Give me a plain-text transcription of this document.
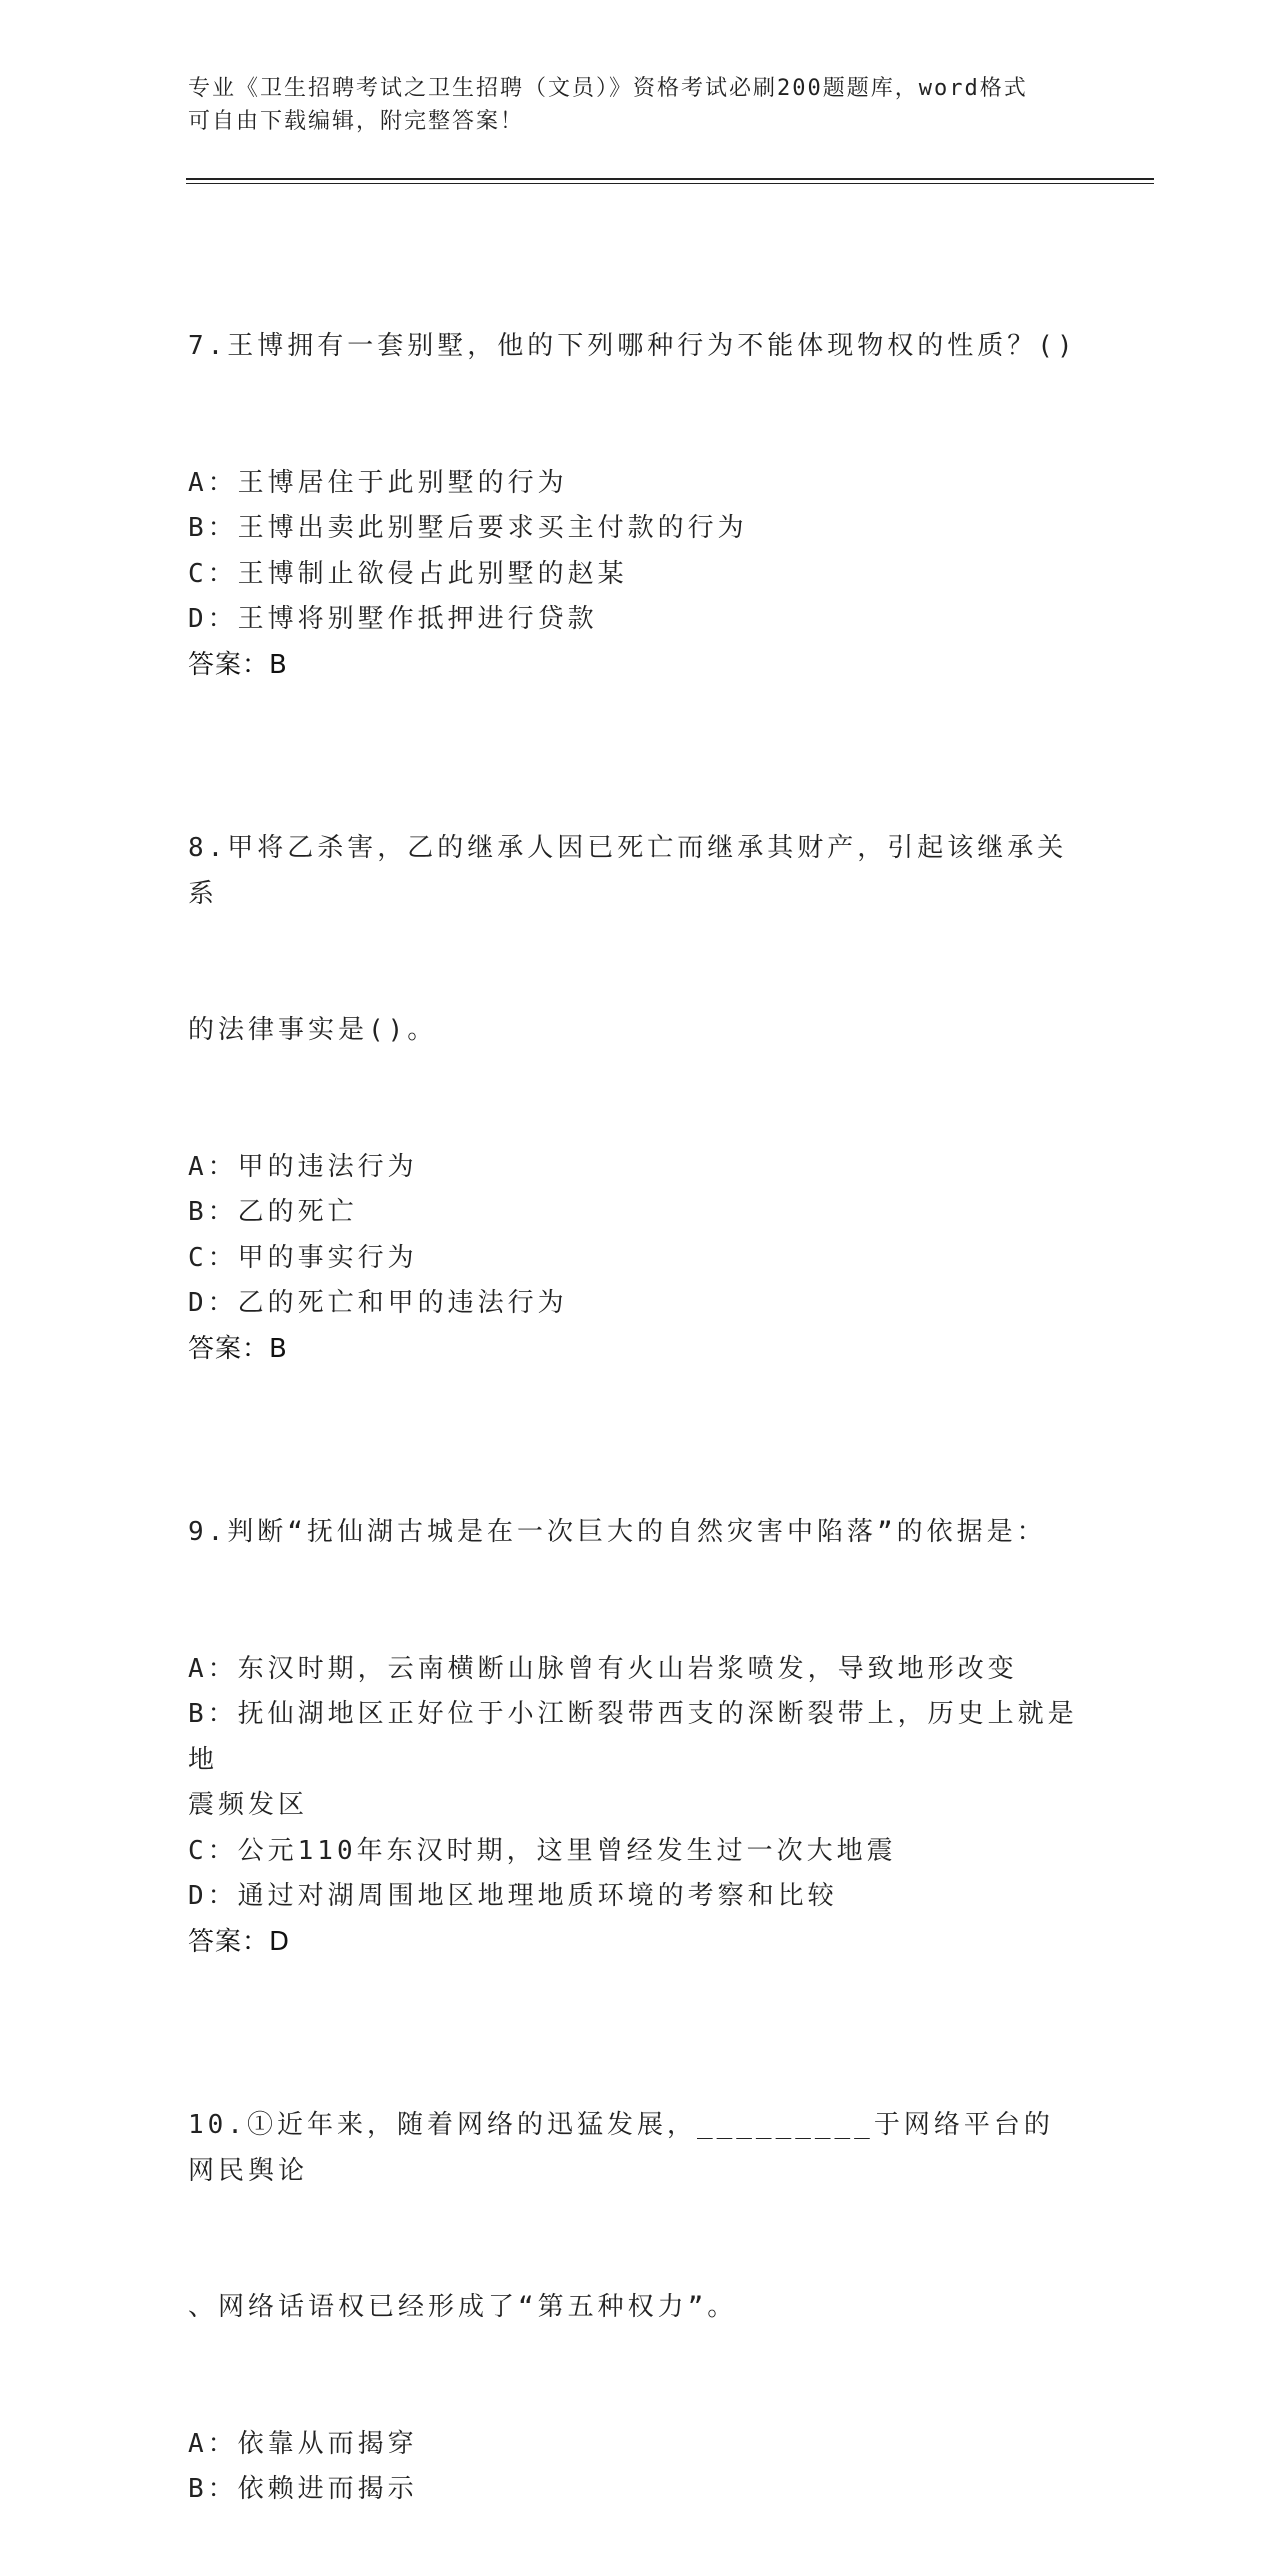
专业《卫生招聘考试之卫生招聘（文员）》资格考试必刷200题题库，word格式
可自由下载编辑，附完整答案！

7.王博拥有一套别墅，他的下列哪种行为不能体现物权的性质？()

A：王博居住于此别墅的行为
B：王博出卖此别墅后要求买主付款的行为
C：王博制止欲侵占此别墅的赵某
D：王博将别墅作抵押进行贷款
答案：B

8.甲将乙杀害，乙的继承人因已死亡而继承其财产，引起该继承关系

的法律事实是()。

A：甲的违法行为
B：乙的死亡
C：甲的事实行为
D：乙的死亡和甲的违法行为
答案：B

9.判断“抚仙湖古城是在一次巨大的自然灾害中陷落”的依据是：

A：东汉时期，云南横断山脉曾有火山岩浆喷发，导致地形改变
B：抚仙湖地区正好位于小江断裂带西支的深断裂带上，历史上就是地
震频发区
C：公元110年东汉时期，这里曾经发生过一次大地震
D：通过对湖周围地区地理地质环境的考察和比较
答案：D

10.①近年来，随着网络的迅猛发展，_________于网络平台的网民舆论

、网络话语权已经形成了“第五种权力”。

A：依靠从而揭穿
B：依赖进而揭示
